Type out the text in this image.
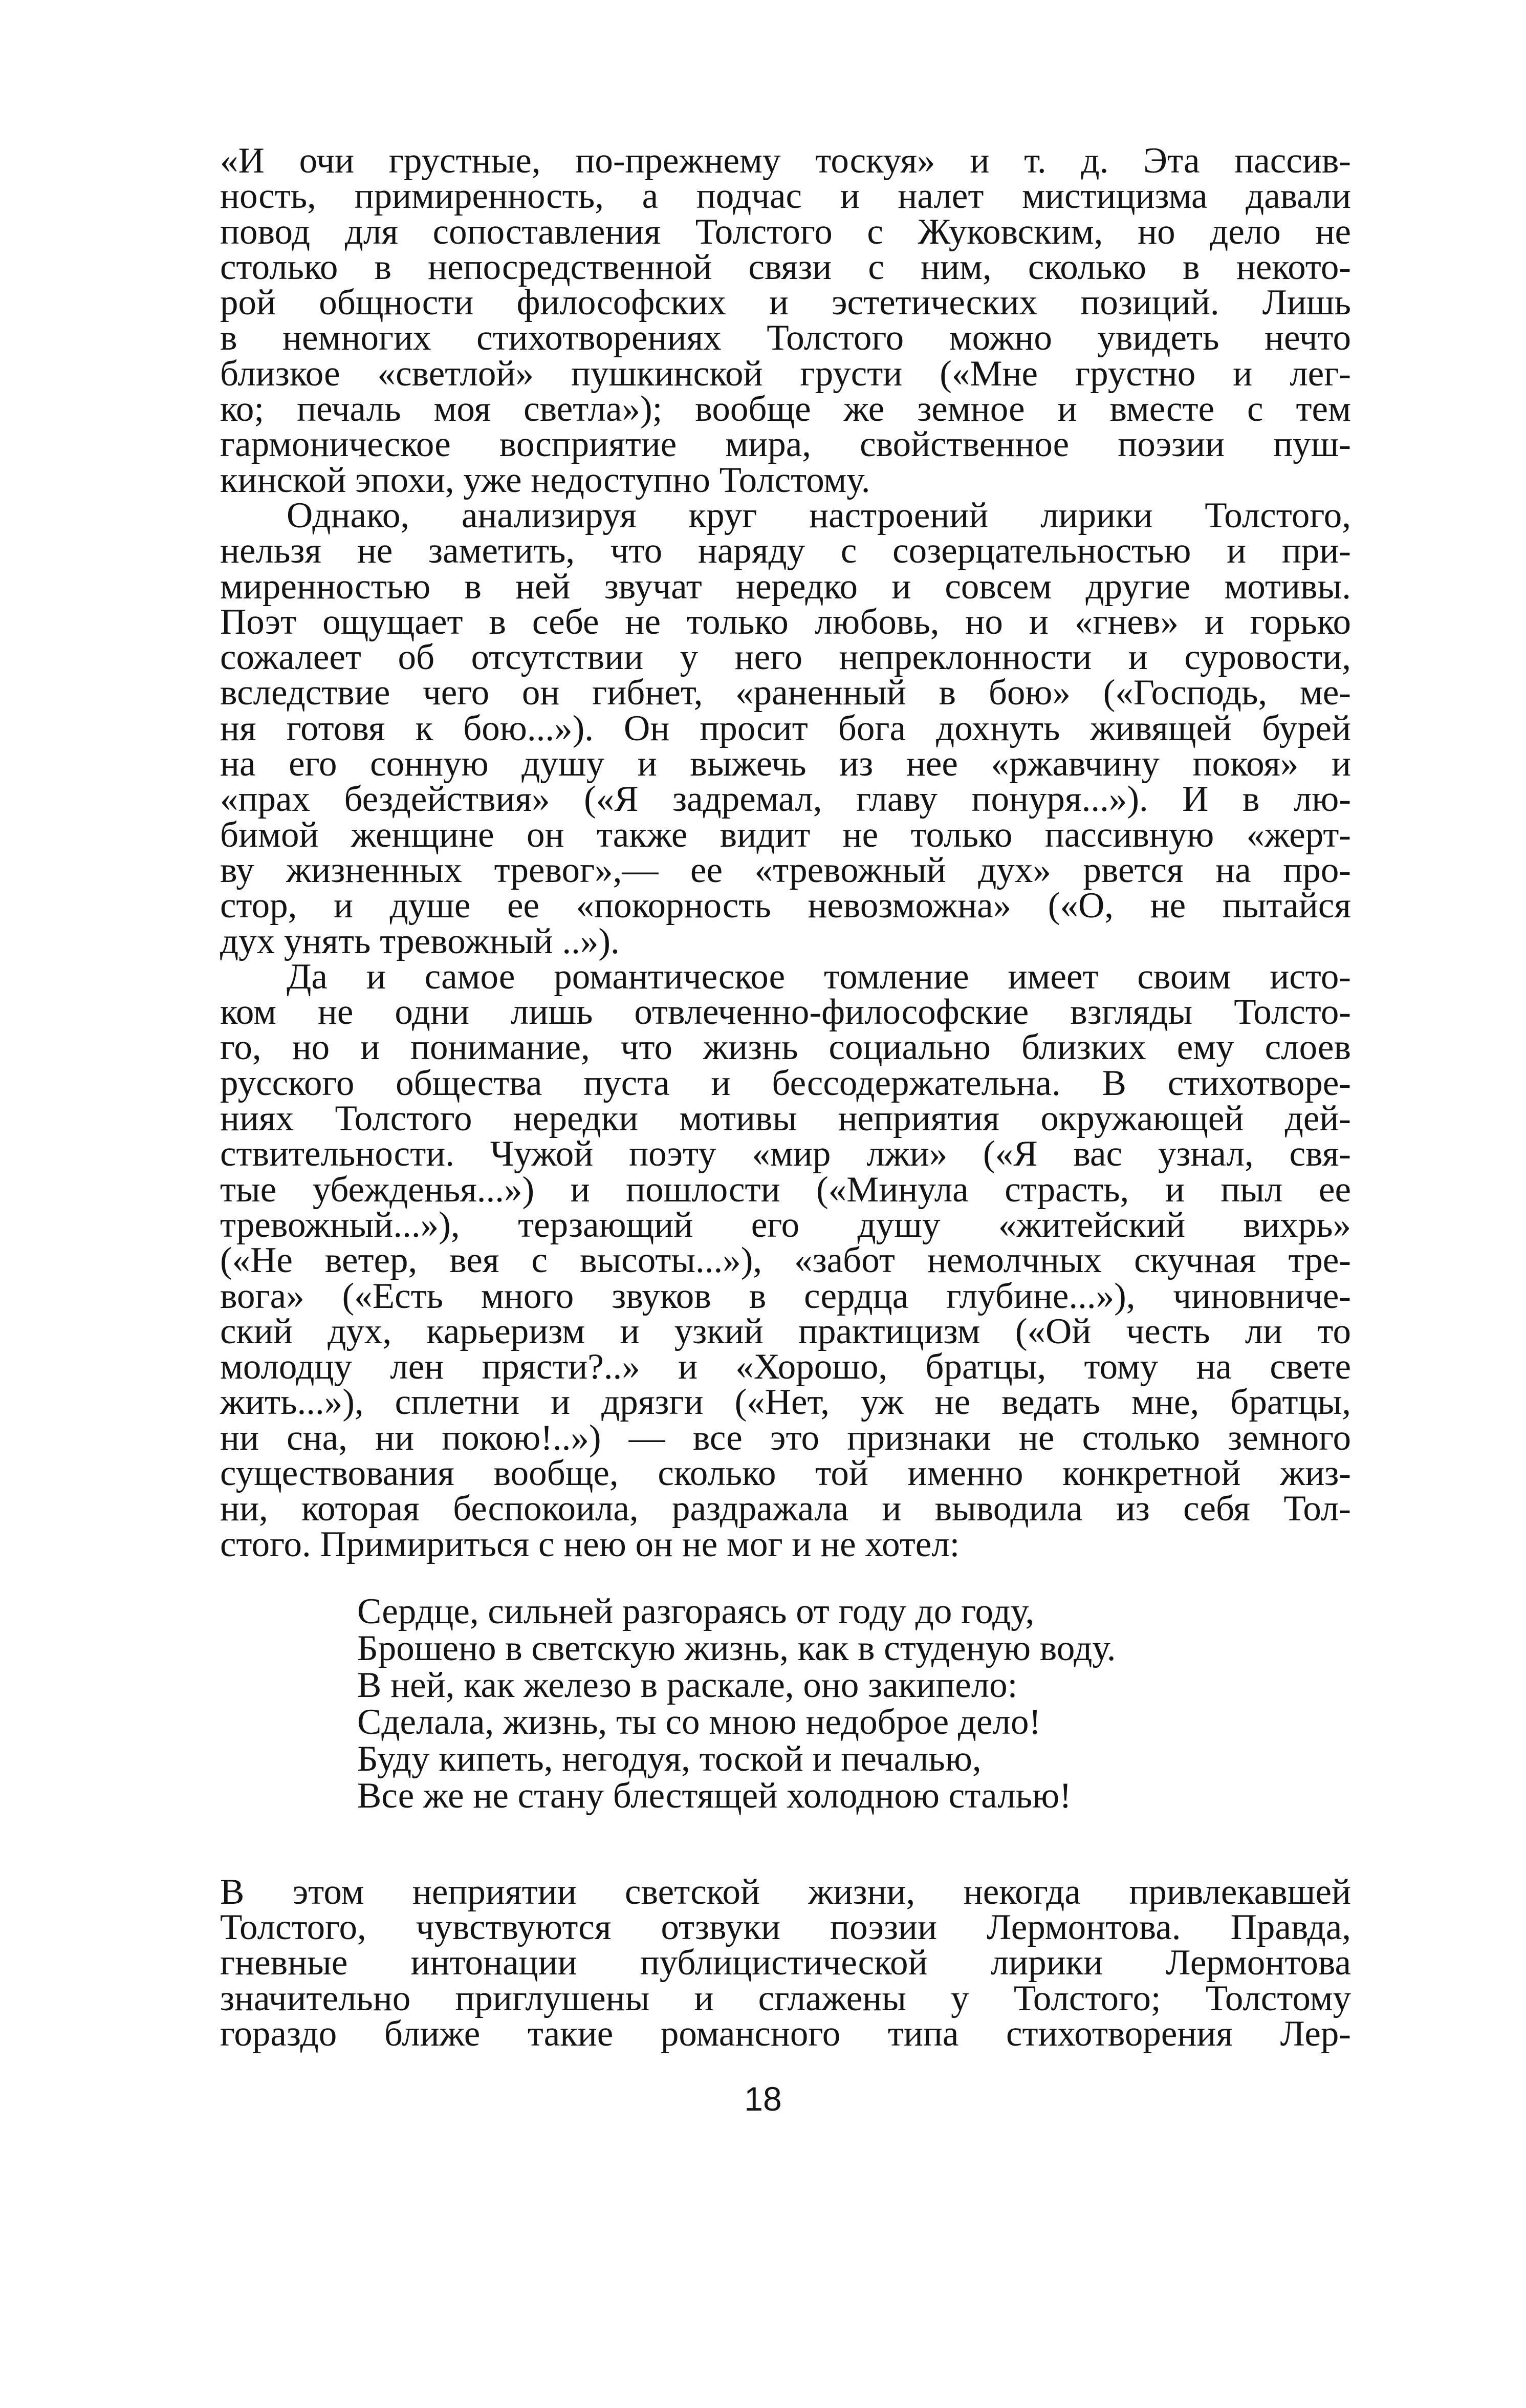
«И очи грустные, по-прежнему тоскуя» и т. д. Эта пассив-
ность, примиренность, а подчас и налет мистицизма давали
повод для сопоставления Толстого с Жуковским, но дело не
столько в непосредственной связи с ним, сколько в некото-
рой общности философских и эстетических позиций. Лишь
в немногих стихотворениях Толстого можно увидеть нечто
близкое «светлой» пушкинской грусти («Мне грустно и лег-
ко; печаль моя светла»); вообще же земное и вместе с тем
гармоническое восприятие мира, свойственное поэзии пуш-
кинской эпохи, уже недоступно Толстому.

Однако, анализируя круг настроений лирики Толстого,
нельзя не заметить, что наряду с созерцательностью и при-
миренностью в ней звучат нередко и совсем другие мотивы.
Поэт ощущает в себе не только любовь, но и «гнев» и горько
сожалеет об отсутствии у него непреклонности и суровости,
вследствие чего он гибнет, «раненный в бою» («Господь, ме-
ня готовя к бою...»). Он просит бога дохнуть живящей бурей
на его сонную душу и выжечь из нее «ржавчину покоя» и
«прах бездействия» («Я задремал, главу понуря...»). И в лю-
бимой женщине он также видит не только пассивную «жерт-
ву жизненных тревог»,— ее «тревожный дух» рвется на про-
стор, и душе ее «покорность невозможна» («О, не пытайся
дух унять тревожный ..»).

Да и самое романтическое томление имеет своим исто-
ком не одни лишь отвлеченно-философские взгляды Толсто-
го, но и понимание, что жизнь социально близких ему слоев
русского общества пуста и бессодержательна. В стихотворе-
ниях Толстого нередки мотивы неприятия окружающей дей-
ствительности. Чужой поэту «мир лжи» («Я вас узнал, свя-
тые убежденья...») и пошлости («Минула страсть, и пыл ее
тревожный...»), терзающий его душу «житейский вихрь»
(«Не ветер, вея с высоты...»), «забот немолчных скучная тре-
вога» («Есть много звуков в сердца глубине...»), чиновниче-
ский дух, карьеризм и узкий практицизм («Ой честь ли то
молодцу лен прясти?..» и «Хорошо, братцы, тому на свете
жить...»), сплетни и дрязги («Нет, уж не ведать мне, братцы,
ни сна, ни покою!..») — все это признаки не столько земного
существования вообще, сколько той именно конкретной жиз-
ни, которая беспокоила, раздражала и выводила из себя Тол-
стого. Примириться с нею он не мог и не хотел:

Сердце, сильней разгораясь от году до году,
Брошено в светскую жизнь, как в студеную воду.
В ней, как железо в раскале, оно закипело:
Сделала, жизнь, ты со мною недоброе дело!
Буду кипеть, негодуя, тоской и печалью,
Все же не стану блестящей холодною сталью!

В этом неприятии светской жизни, некогда привлекавшей
Толстого, чувствуются отзвуки поэзии Лермонтова. Правда,
гневные интонации публицистической лирики Лермонтова
значительно приглушены и сглажены у Толстого; Толстому
гораздо ближе такие романсного типа стихотворения Лер-

18
